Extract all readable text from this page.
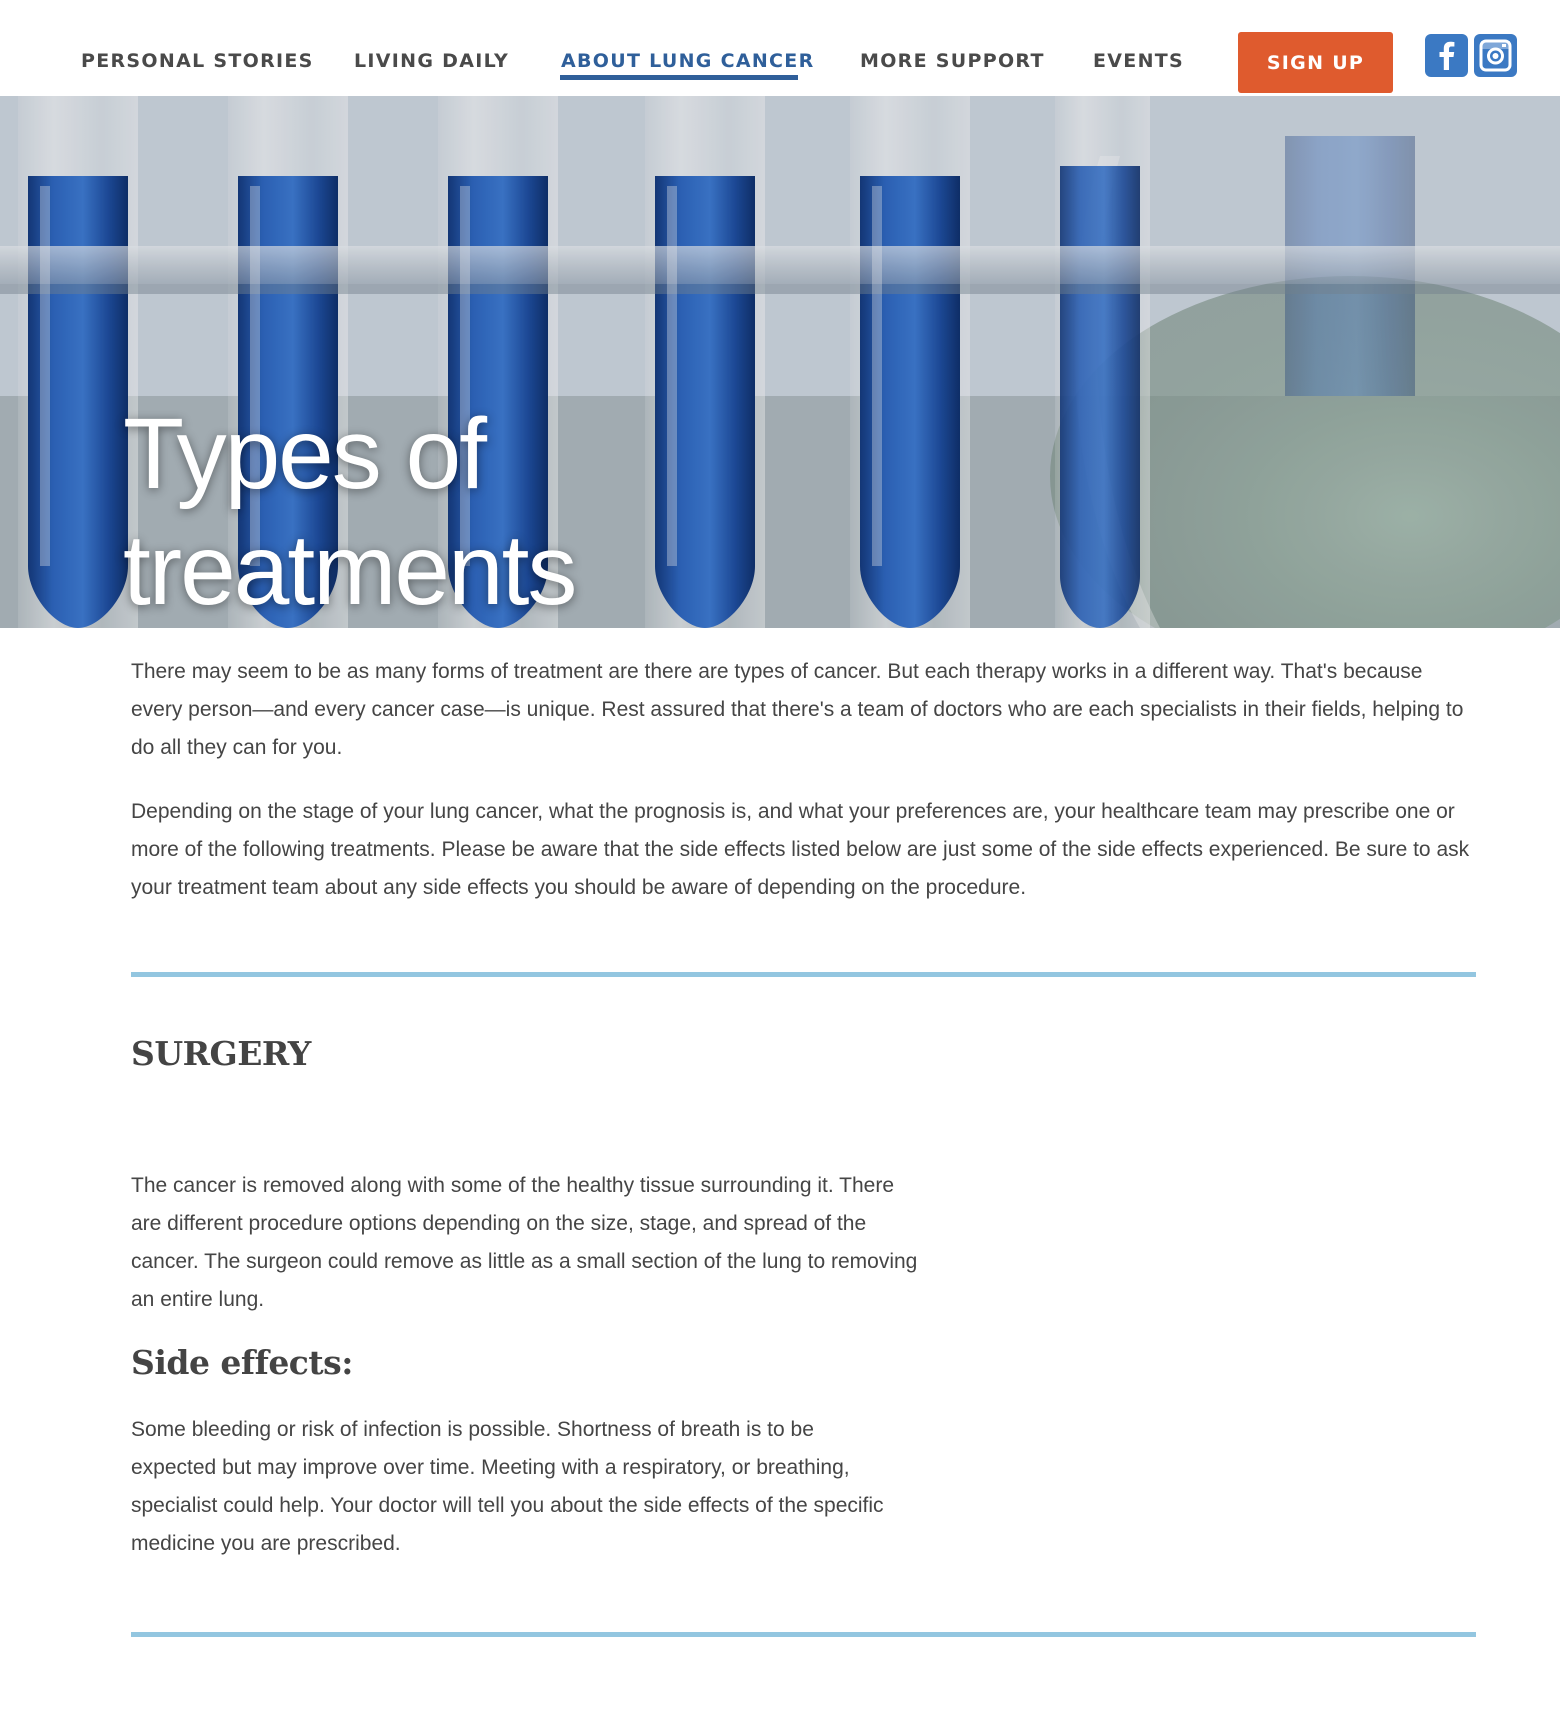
PERSONAL STORIES LIVING DAILY	ABOUT LUNG CANCER MORE SUPPORT	EVENTS	SIGN UP
Types of
treatments

There may seem to be as many forms of treatment are there are types of cancer. But each therapy works in a different way. That's because every person—and every cancer case—is unique. Rest assured that there's a team of doctors who are each specialists in their fields, helping to do all they can for you.

Depending on the stage of your lung cancer, what the prognosis is, and what your preferences are, your healthcare team may prescribe one or more of the following treatments. Please be aware that the side effects listed below are just some of the side effects experienced. Be sure to ask your treatment team about any side effects you should be aware of depending on the procedure.

SURGERY

The cancer is removed along with some of the healthy tissue surrounding it. There are different procedure options depending on the size, stage, and spread of the cancer. The surgeon could remove as little as a small section of the lung to removing an entire lung.

Side effects:

Some bleeding or risk of infection is possible. Shortness of breath is to be expected but may improve over time. Meeting with a respiratory, or breathing, specialist could help. Your doctor will tell you about the side effects of the specific medicine you are prescribed.
